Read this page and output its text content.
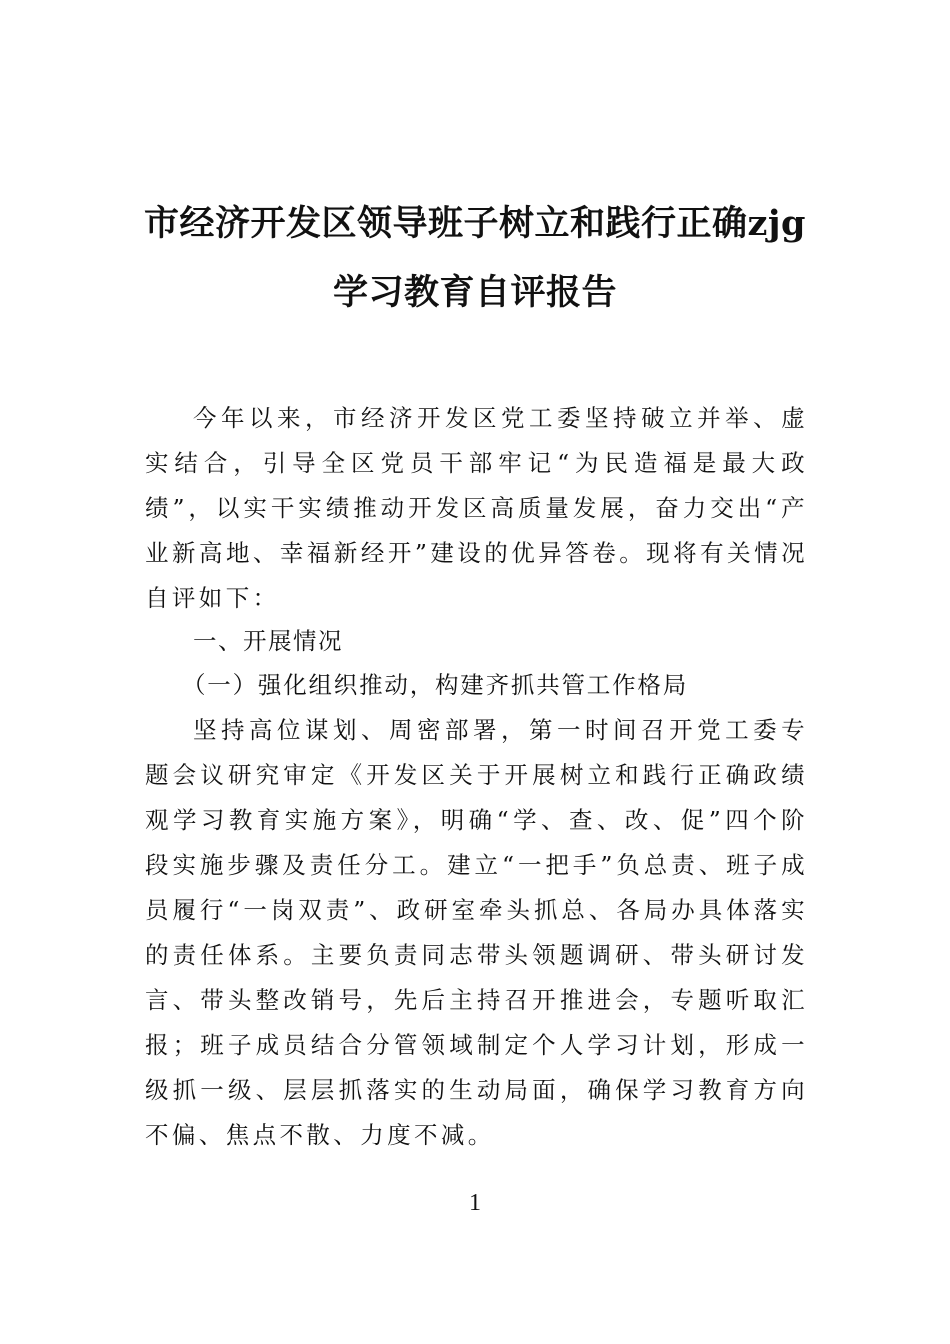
市经济开发区领导班子树立和践行正确zjg
学习教育自评报告
今年以来，市经济开发区党工委坚持破立并举、虚实结合，引导全区党员干部牢记“为民造福是最大政绩”，以实干实绩推动开发区高质量发展，奋力交出“产业新高地、幸福新经开”建设的优异答卷。现将有关情况自评如下：
一、开展情况
（一）强化组织推动，构建齐抓共管工作格局
坚持高位谋划、周密部署，第一时间召开党工委专题会议研究审定《开发区关于开展树立和践行正确政绩观学习教育实施方案》，明确“学、查、改、促”四个阶段实施步骤及责任分工。建立“一把手”负总责、班子成员履行“一岗双责”、政研室牵头抓总、各局办具体落实的责任体系。主要负责同志带头领题调研、带头研讨发言、带头整改销号，先后主持召开推进会，专题听取汇报；班子成员结合分管领域制定个人学习计划，形成一级抓一级、层层抓落实的生动局面，确保学习教育方向不偏、焦点不散、力度不减。
1
